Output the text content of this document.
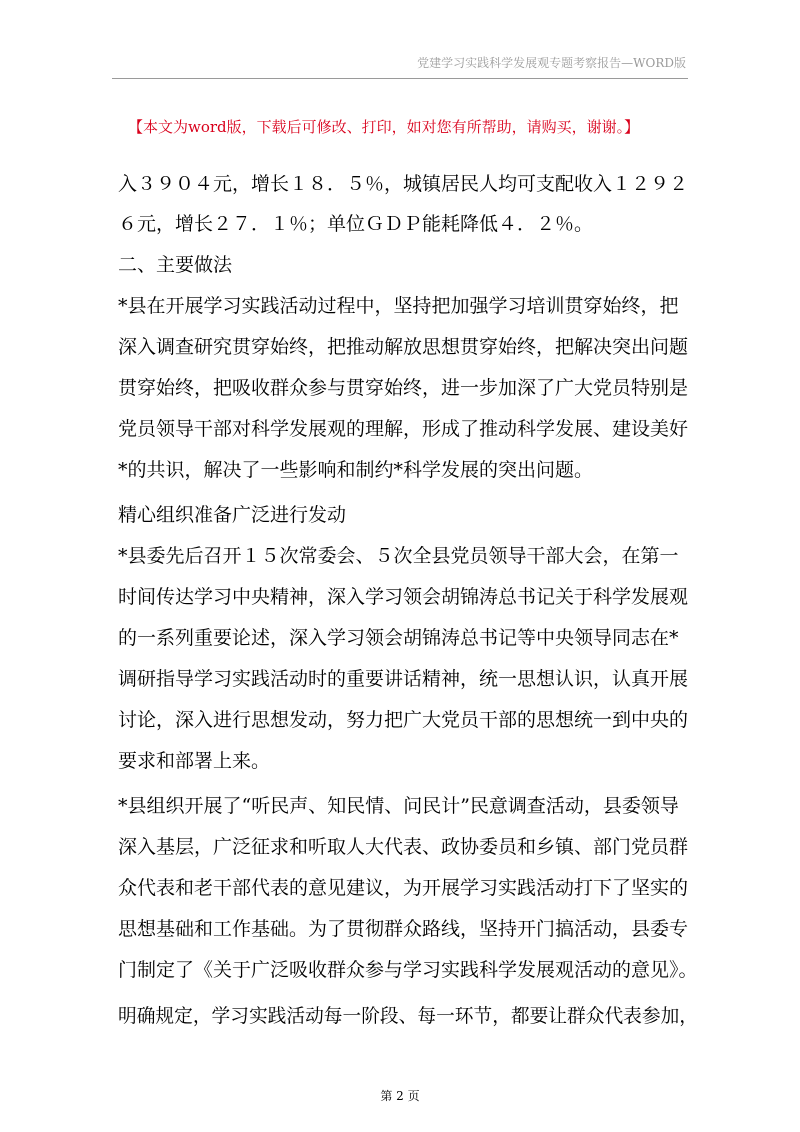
党建学习实践科学发展观专题考察报告—WORD版
【本文为word版，下载后可修改、打印，如对您有所帮助，请购买，谢谢。】
入３９０４元，增长１８．５％，城镇居民人均可支配收入１２９２
６元，增长２７．１％；单位ＧＤＰ能耗降低４．２％。
二、主要做法
*县在开展学习实践活动过程中，坚持把加强学习培训贯穿始终，把
深入调查研究贯穿始终，把推动解放思想贯穿始终，把解决突出问题
贯穿始终，把吸收群众参与贯穿始终，进一步加深了广大党员特别是
党员领导干部对科学发展观的理解，形成了推动科学发展、建设美好
*的共识，解决了一些影响和制约*科学发展的突出问题。
精心组织准备广泛进行发动
*县委先后召开１５次常委会、５次全县党员领导干部大会，在第一
时间传达学习中央精神，深入学习领会胡锦涛总书记关于科学发展观
的一系列重要论述，深入学习领会胡锦涛总书记等中央领导同志在*
调研指导学习实践活动时的重要讲话精神，统一思想认识，认真开展
讨论，深入进行思想发动，努力把广大党员干部的思想统一到中央的
要求和部署上来。
*县组织开展了“听民声、知民情、问民计”民意调查活动，县委领导
深入基层，广泛征求和听取人大代表、政协委员和乡镇、部门党员群
众代表和老干部代表的意见建议，为开展学习实践活动打下了坚实的
思想基础和工作基础。为了贯彻群众路线，坚持开门搞活动，县委专
门制定了《关于广泛吸收群众参与学习实践科学发展观活动的意见》。
明确规定，学习实践活动每一阶段、每一环节，都要让群众代表参加，
第 2 页
